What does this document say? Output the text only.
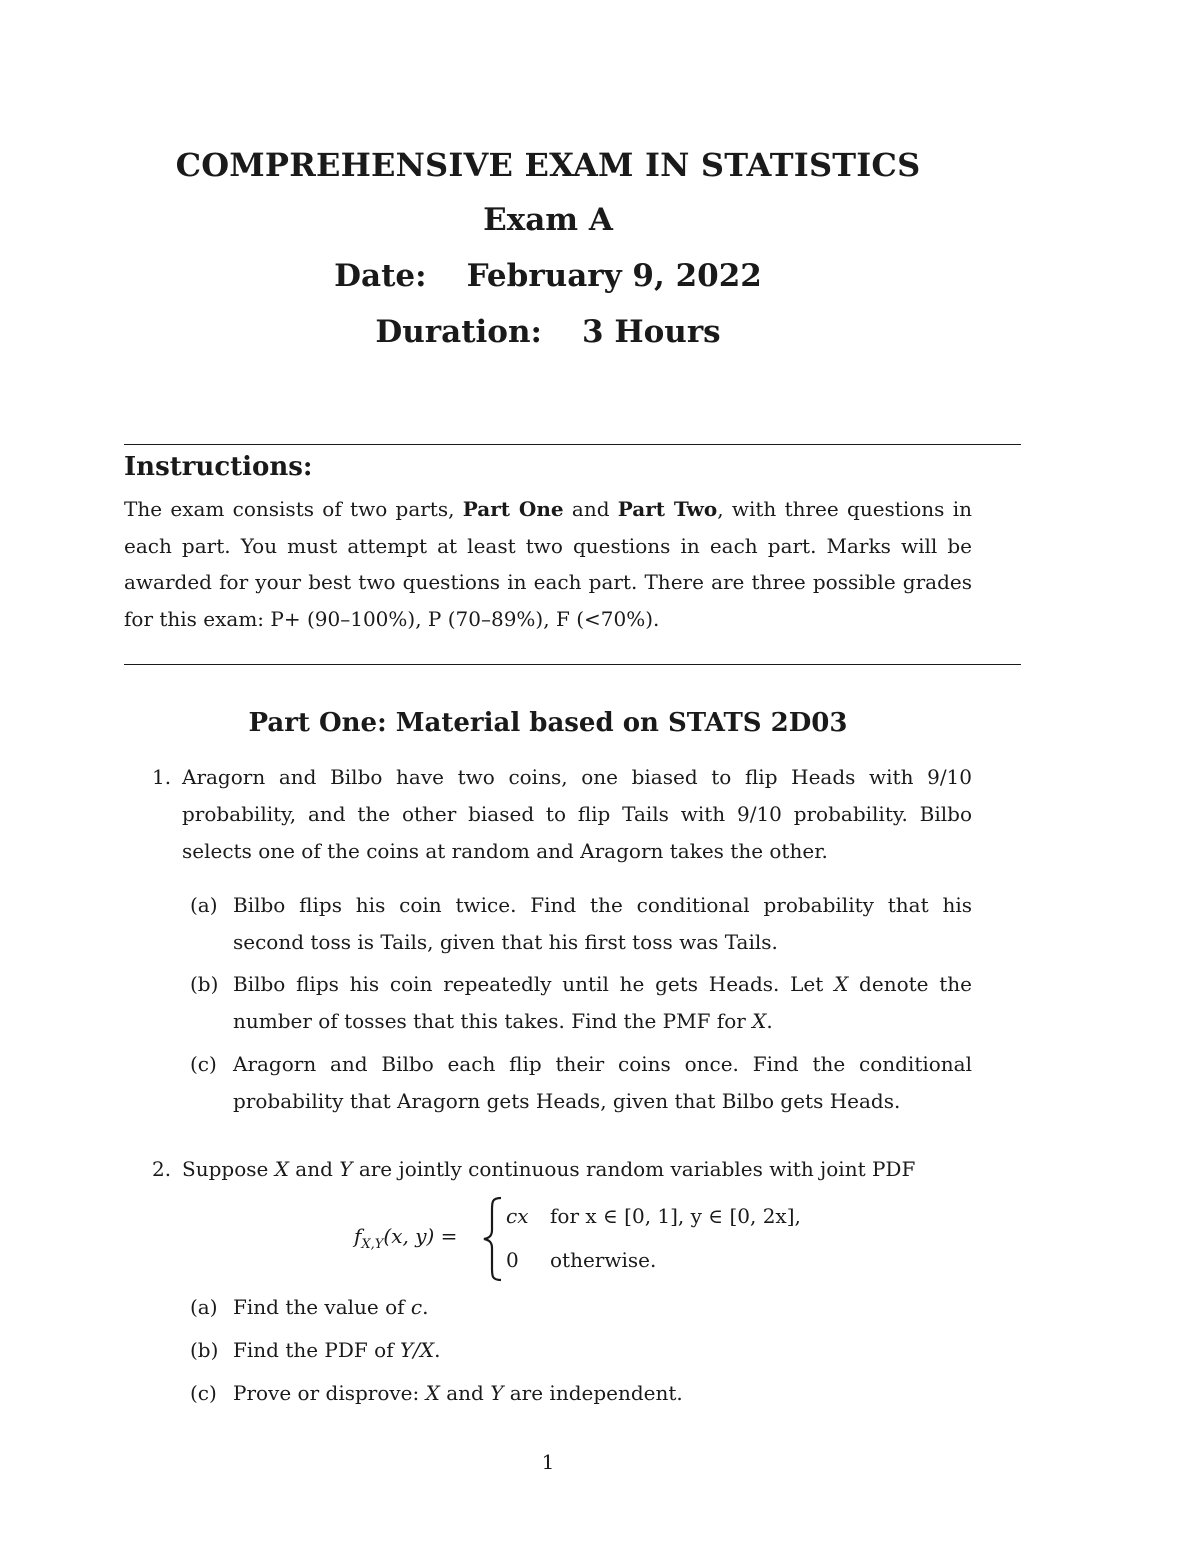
COMPREHENSIVE EXAM IN STATISTICS
Exam A
Date: February 9, 2022
Duration: 3 Hours
Instructions:
The exam consists of two parts, Part One and Part Two, with three questions in each part. You must attempt at least two questions in each part. Marks will be awarded for your best two questions in each part. There are three possible grades for this exam: P+ (90–100%), P (70–89%), F (<70%).
Part One: Material based on STATS 2D03
1. Aragorn and Bilbo have two coins, one biased to flip Heads with 9/10 probability, and the other biased to flip Tails with 9/10 probability. Bilbo selects one of the coins at random and Aragorn takes the other.
(a) Bilbo flips his coin twice. Find the conditional probability that his second toss is Tails, given that his first toss was Tails.
(b) Bilbo flips his coin repeatedly until he gets Heads. Let X denote the number of tosses that this takes. Find the PMF for X.
(c) Aragorn and Bilbo each flip their coins once. Find the conditional probability that Aragorn gets Heads, given that Bilbo gets Heads.
2. Suppose X and Y are jointly continuous random variables with joint PDF
$f_{X,Y}(x$, y) =
cx for x ∈ [0, 1], y ∈ [0, 2x],
0 otherwise.
(a) Find the value of c.
(b) Find the PDF of Y/X.
(c) Prove or disprove: X and Y are independent.
1
